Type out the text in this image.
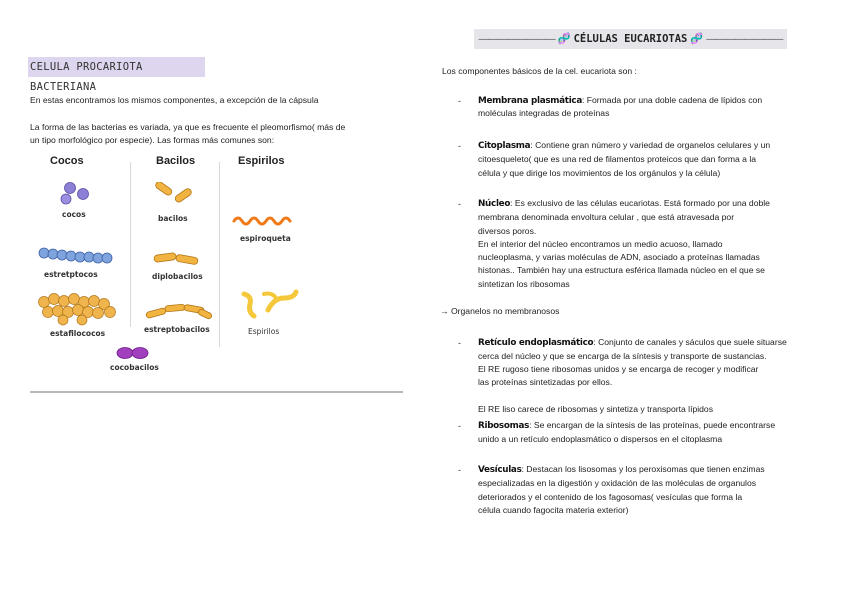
CELULA PROCARIOTA BACTERIANA
En estas encontramos los mismos componentes, a excepción de la cápsula
La forma de las bacterias es variada, ya que es frecuente el pleomorfismo( más de
un tipo morfológico por especie). Las formas más comunes son:
Cocos	Bacilos	Espirilos
cocos
estretptocos
estafilococos
cocobacilos
bacilos
diplobacilos
estreptobacilos
espiroqueta
Espirilos
———————— 🧬 CÉLULAS EUCARIOTAS 🧬 ————————
Los componentes básicos de la cel. eucariota son :
- Membrana plasmática: Formada por una doble cadena de lípidos con
moléculas integradas de proteínas
- Citoplasma: Contiene gran número y variedad de organelos celulares y un
citoesqueleto( que es una red de filamentos proteicos que dan forma a la
célula y que dirige los movimientos de los orgánulos y la célula)
- Núcleo: Es exclusivo de las células eucariotas. Está formado por una doble
membrana denominada envoltura celular , que está atravesada por
diversos poros.
En el interior del núcleo encontramos un medio acuoso, llamado
nucleoplasma, y varias moléculas de ADN, asociado a proteínas llamadas
histonas.. También hay una estructura esférica llamada núcleo en el que se
sintetizan los ribosomas
→ Organelos no membranosos
- Retículo endoplasmático: Conjunto de canales y sáculos que suele situarse
cerca del núcleo y que se encarga de la síntesis y transporte de sustancias.
El RE rugoso tiene ribosomas unidos y se encarga de recoger y modificar
las proteínas sintetizadas por ellos.
El RE liso carece de ribosomas y sintetiza y transporta lípidos
- Ribosomas: Se encargan de la síntesis de las proteínas, puede encontrarse
unido a un retículo endoplasmático o dispersos en el citoplasma
- Vesículas: Destacan los lisosomas y los peroxisomas que tienen enzimas
especializadas en la digestión y oxidación de las moléculas de organulos
deteriorados y el contenido de los fagosomas( vesículas que forma la
célula cuando fagocita materia exterior)
